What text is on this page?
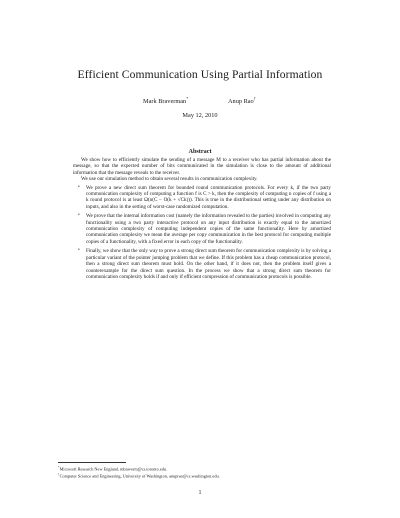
Efficient Communication Using Partial Information
Mark Braverman*	Anup Rao†
May 12, 2010
Abstract

We show how to efficiently simulate the sending of a message M to a receiver who has partial information about the message, so that the expected number of bits communicated in the simulation is close to the amount of additional information that the message reveals to the receiver.

We use our simulation method to obtain several results in communication complexity.

• We prove a new direct sum theorem for bounded round communication protocols. For every k, if the two party communication complexity of computing a function f is C > k, then the complexity of computing n copies of f using a k round protocol is at least Ω(n(C − O(k + √Ck))). This is true in the distributional setting under any distribution on inputs, and also in the setting of worst-case randomized computation.
• We prove that the internal information cost (namely the information revealed to the parties) involved in computing any functionality using a two party interactive protocol on any input distribution is exactly equal to the amortized communication complexity of computing independent copies of the same functionality. Here by amortized communication complexity we mean the average per copy communication in the best protocol for computing multiple copies of a functionality, with a fixed error in each copy of the functionality.
• Finally, we show that the only way to prove a strong direct sum theorem for communication complexity is by solving a particular variant of the pointer jumping problem that we define. If this problem has a cheap communication protocol, then a strong direct sum theorem must hold. On the other hand, if it does not, then the problem itself gives a counterexample for the direct sum question. In the process we show that a strong direct sum theorem for communication complexity holds if and only if efficient compression of communication protocols is possible.
*Microsoft Research New England, mbraverm@cs.toronto.edu.
†Computer Science and Engineering, University of Washington, anuprao@cs.washington.edu.
1
